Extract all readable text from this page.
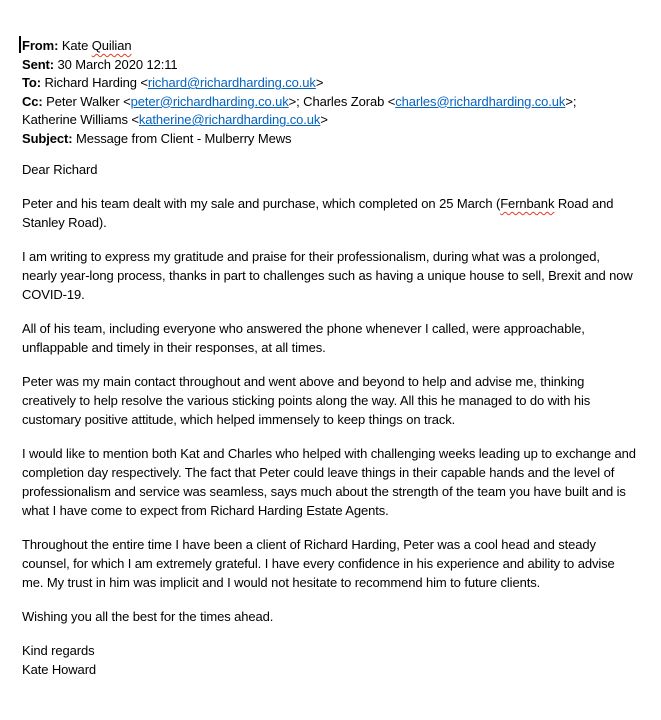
From: Kate Quilian
Sent: 30 March 2020 12:11
To: Richard Harding <richard@richardharding.co.uk>
Cc: Peter Walker <peter@richardharding.co.uk>; Charles Zorab <charles@richardharding.co.uk>;
Katherine Williams <katherine@richardharding.co.uk>
Subject: Message from Client - Mulberry Mews

Dear Richard

Peter and his team dealt with my sale and purchase, which completed on 25 March (Fernbank Road and Stanley Road).

I am writing to express my gratitude and praise for their professionalism, during what was a prolonged, nearly year-long process, thanks in part to challenges such as having a unique house to sell, Brexit and now COVID-19.

All of his team, including everyone who answered the phone whenever I called, were approachable, unflappable and timely in their responses, at all times.

Peter was my main contact throughout and went above and beyond to help and advise me, thinking creatively to help resolve the various sticking points along the way. All this he managed to do with his customary positive attitude, which helped immensely to keep things on track.

I would like to mention both Kat and Charles who helped with challenging weeks leading up to exchange and completion day respectively. The fact that Peter could leave things in their capable hands and the level of professionalism and service was seamless, says much about the strength of the team you have built and is what I have come to expect from Richard Harding Estate Agents.

Throughout the entire time I have been a client of Richard Harding, Peter was a cool head and steady counsel, for which I am extremely grateful. I have every confidence in his experience and ability to advise me. My trust in him was implicit and I would not hesitate to recommend him to future clients.

Wishing you all the best for the times ahead.

Kind regards
Kate Howard
